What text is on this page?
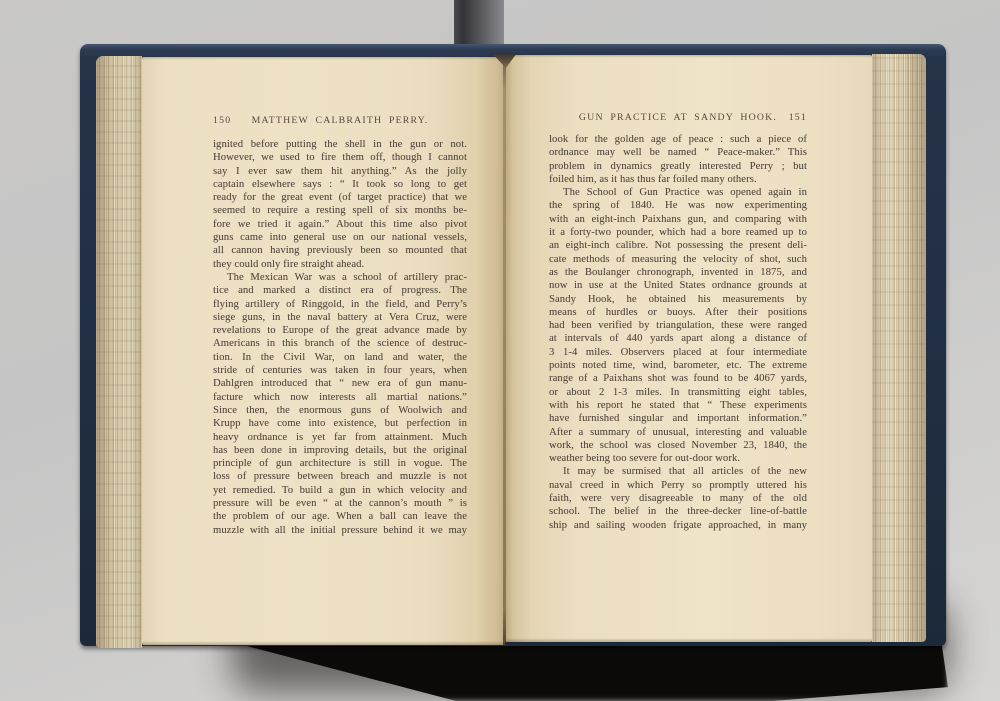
150	MATTHEW CALBRAITH PERRY.
ignited before putting the shell in the gun or not.
However, we used to fire them off, though I cannot
say I ever saw them hit anything.” As the jolly
captain elsewhere says : “ It took so long to get
ready for the great event (of target practice) that we
seemed to require a resting spell of six months be-
fore we tried it again.” About this time also pivot
guns came into general use on our national vessels,
all cannon having previously been so mounted that
they could only fire straight ahead.
The Mexican War was a school of artillery prac-
tice and marked a distinct era of progress. The
flying artillery of Ringgold, in the field, and Perry’s
siege guns, in the naval battery at Vera Cruz, were
revelations to Europe of the great advance made by
Americans in this branch of the science of destruc-
tion. In the Civil War, on land and water, the
stride of centuries was taken in four years, when
Dahlgren introduced that “ new era of gun manu-
facture which now interests all martial nations.”
Since then, the enormous guns of Woolwich and
Krupp have come into existence, but perfection in
heavy ordnance is yet far from attainment. Much
has been done in improving details, but the original
principle of gun architecture is still in vogue. The
loss of pressure between breach and muzzle is not
yet remedied. To build a gun in which velocity and
pressure will be even “ at the cannon’s mouth ” is
the problem of our age. When a ball can leave the
muzzle with all the initial pressure behind it we may
GUN PRACTICE AT SANDY HOOK.	151
look for the golden age of peace : such a piece of
ordnance may well be named “ Peace-maker.” This
problem in dynamics greatly interested Perry ; but
foiled him, as it has thus far foiled many others.
The School of Gun Practice was opened again in
the spring of 1840. He was now experimenting
with an eight-inch Paixhans gun, and comparing with
it a forty-two pounder, which had a bore reamed up to
an eight-inch calibre. Not possessing the present deli-
cate methods of measuring the velocity of shot, such
as the Boulanger chronograph, invented in 1875, and
now in use at the United States ordnance grounds at
Sandy Hook, he obtained his measurements by
means of hurdles or buoys. After their positions
had been verified by triangulation, these were ranged
at intervals of 440 yards apart along a distance of
3 1-4 miles. Observers placed at four intermediate
points noted time, wind, barometer, etc. The extreme
range of a Paixhans shot was found to be 4067 yards,
or about 2 1-3 miles. In transmitting eight tables,
with his report he stated that “ These experiments
have furnished singular and important information.”
After a summary of unusual, interesting and valuable
work, the school was closed November 23, 1840, the
weather being too severe for out-door work.
It may be surmised that all articles of the new
naval creed in which Perry so promptly uttered his
faith, were very disagreeable to many of the old
school. The belief in the three-decker line-of-battle
ship and sailing wooden frigate approached, in many
